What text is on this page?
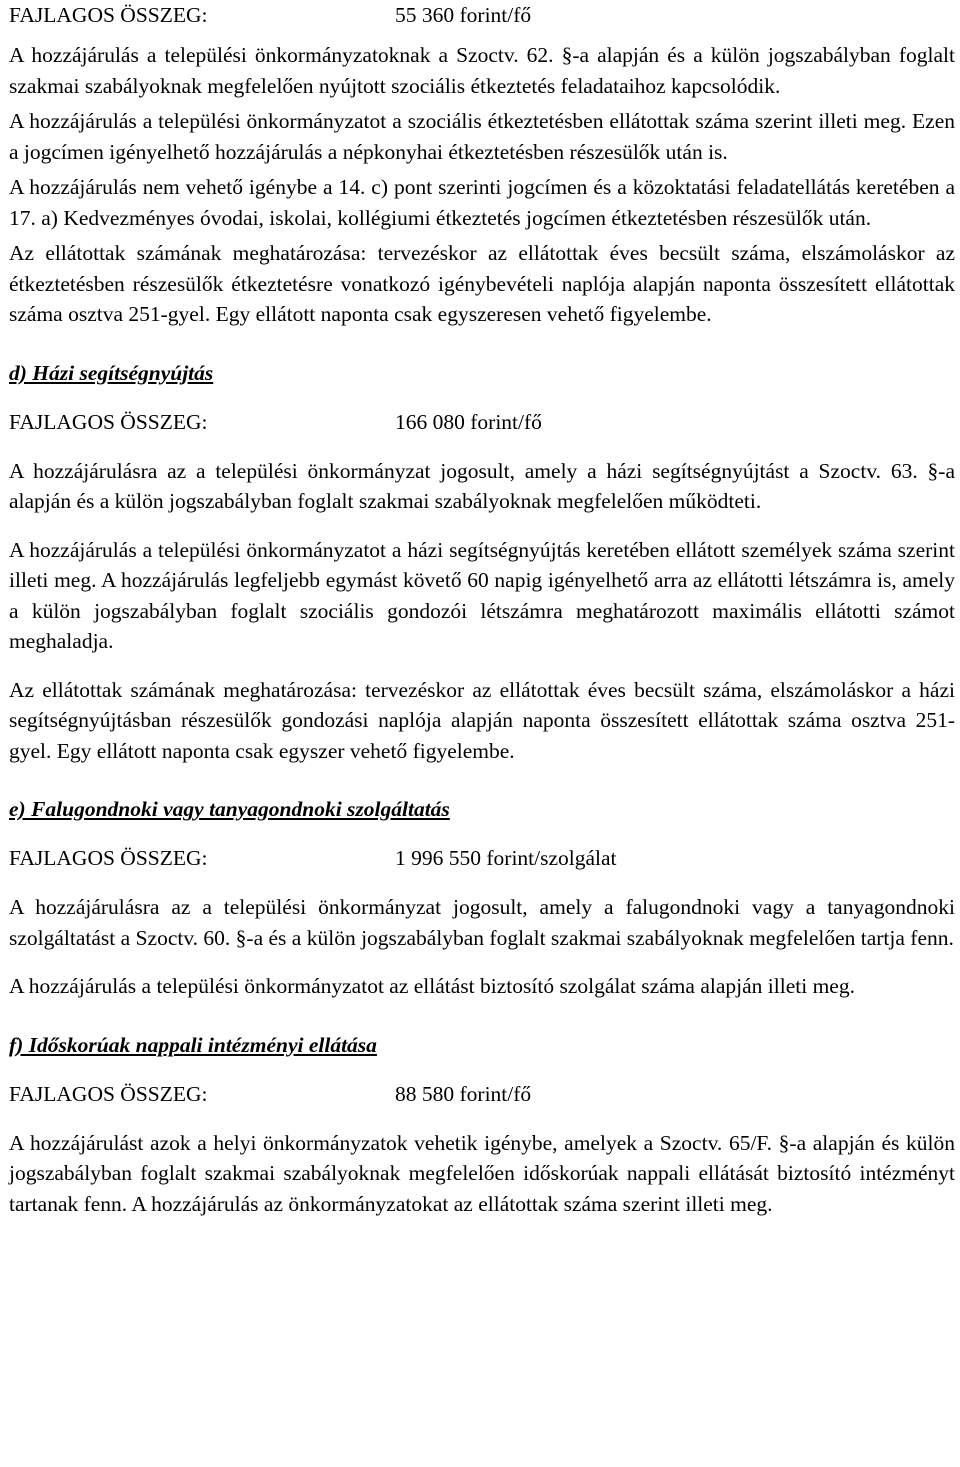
FAJLAGOS ÖSSZEG:	55 360 forint/fő

A hozzájárulás a települési önkormányzatoknak a Szoctv. 62. §-a alapján és a külön jogszabályban foglalt szakmai szabályoknak megfelelően nyújtott szociális étkeztetés feladataihoz kapcsolódik.

A hozzájárulás a települési önkormányzatot a szociális étkeztetésben ellátottak száma szerint illeti meg. Ezen a jogcímen igényelhető hozzájárulás a népkonyhai étkeztetésben részesülők után is.

A hozzájárulás nem vehető igénybe a 14. c) pont szerinti jogcímen és a közoktatási feladatellátás keretében a 17. a) Kedvezményes óvodai, iskolai, kollégiumi étkeztetés jogcímen étkeztetésben részesülők után.

Az ellátottak számának meghatározása: tervezéskor az ellátottak éves becsült száma, elszámoláskor az étkeztetésben részesülők étkeztetésre vonatkozó igénybevételi naplója alapján naponta összesített ellátottak száma osztva 251-gyel. Egy ellátott naponta csak egyszeresen vehető figyelembe.

d) Házi segítségnyújtás
FAJLAGOS ÖSSZEG:	166 080 forint/fő

A hozzájárulásra az a települési önkormányzat jogosult, amely a házi segítségnyújtást a Szoctv. 63. §-a alapján és a külön jogszabályban foglalt szakmai szabályoknak megfelelően működteti.

A hozzájárulás a települési önkormányzatot a házi segítségnyújtás keretében ellátott személyek száma szerint illeti meg. A hozzájárulás legfeljebb egymást követő 60 napig igényelhető arra az ellátotti létszámra is, amely a külön jogszabályban foglalt szociális gondozói létszámra meghatározott maximális ellátotti számot meghaladja.

Az ellátottak számának meghatározása: tervezéskor az ellátottak éves becsült száma, elszámoláskor a házi segítségnyújtásban részesülők gondozási naplója alapján naponta összesített ellátottak száma osztva 251-gyel. Egy ellátott naponta csak egyszer vehető figyelembe.

e) Falugondnoki vagy tanyagondnoki szolgáltatás
FAJLAGOS ÖSSZEG:	1 996 550 forint/szolgálat

A hozzájárulásra az a települési önkormányzat jogosult, amely a falugondnoki vagy a tanyagondnoki szolgáltatást a Szoctv. 60. §-a és a külön jogszabályban foglalt szakmai szabályoknak megfelelően tartja fenn.

A hozzájárulás a települési önkormányzatot az ellátást biztosító szolgálat száma alapján illeti meg.

f) Időskorúak nappali intézményi ellátása
FAJLAGOS ÖSSZEG:	88 580 forint/fő

A hozzájárulást azok a helyi önkormányzatok vehetik igénybe, amelyek a Szoctv. 65/F. §-a alapján és külön jogszabályban foglalt szakmai szabályoknak megfelelően időskorúak nappali ellátását biztosító intézményt tartanak fenn. A hozzájárulás az önkormányzatokat az ellátottak száma szerint illeti meg.
